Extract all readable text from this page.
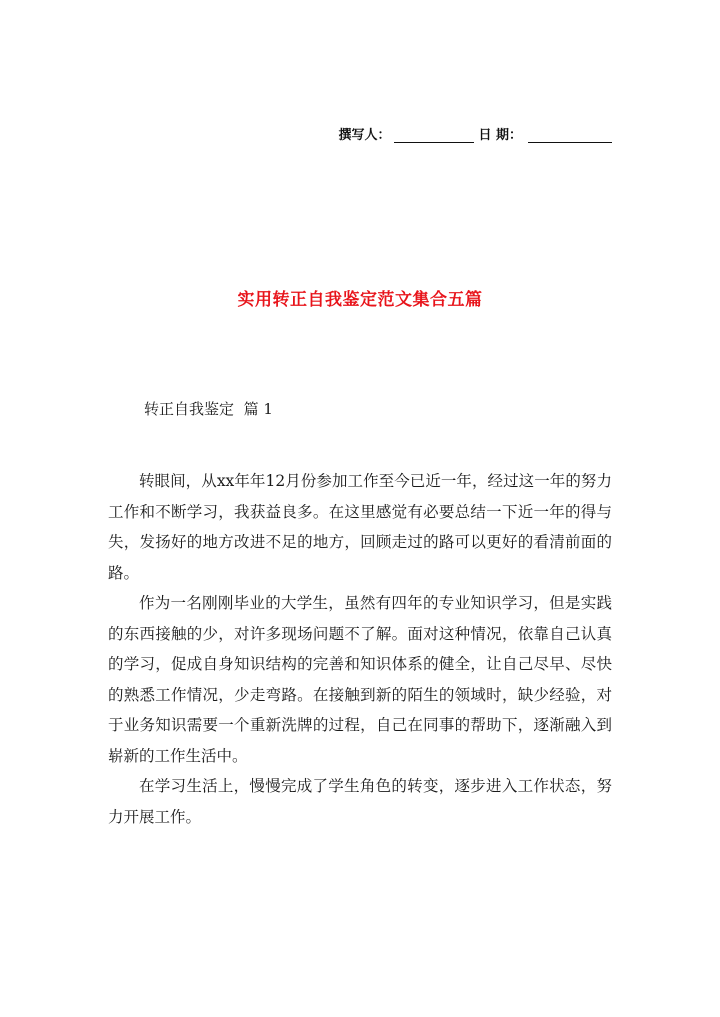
撰写人：	日 期：
实用转正自我鉴定范文集合五篇
转正自我鉴定 篇 1

转眼间，从xx年年12月份参加工作至今已近一年，经过这一年的努力工作和不断学习，我获益良多。在这里感觉有必要总结一下近一年的得与失，发扬好的地方改进不足的地方，回顾走过的路可以更好的看清前面的路。

作为一名刚刚毕业的大学生，虽然有四年的专业知识学习，但是实践的东西接触的少，对许多现场问题不了解。面对这种情况，依靠自己认真的学习，促成自身知识结构的完善和知识体系的健全，让自己尽早、尽快的熟悉工作情况，少走弯路。在接触到新的陌生的领域时，缺少经验，对于业务知识需要一个重新洗牌的过程，自己在同事的帮助下，逐渐融入到崭新的工作生活中。

在学习生活上，慢慢完成了学生角色的转变，逐步进入工作状态，努力开展工作。
